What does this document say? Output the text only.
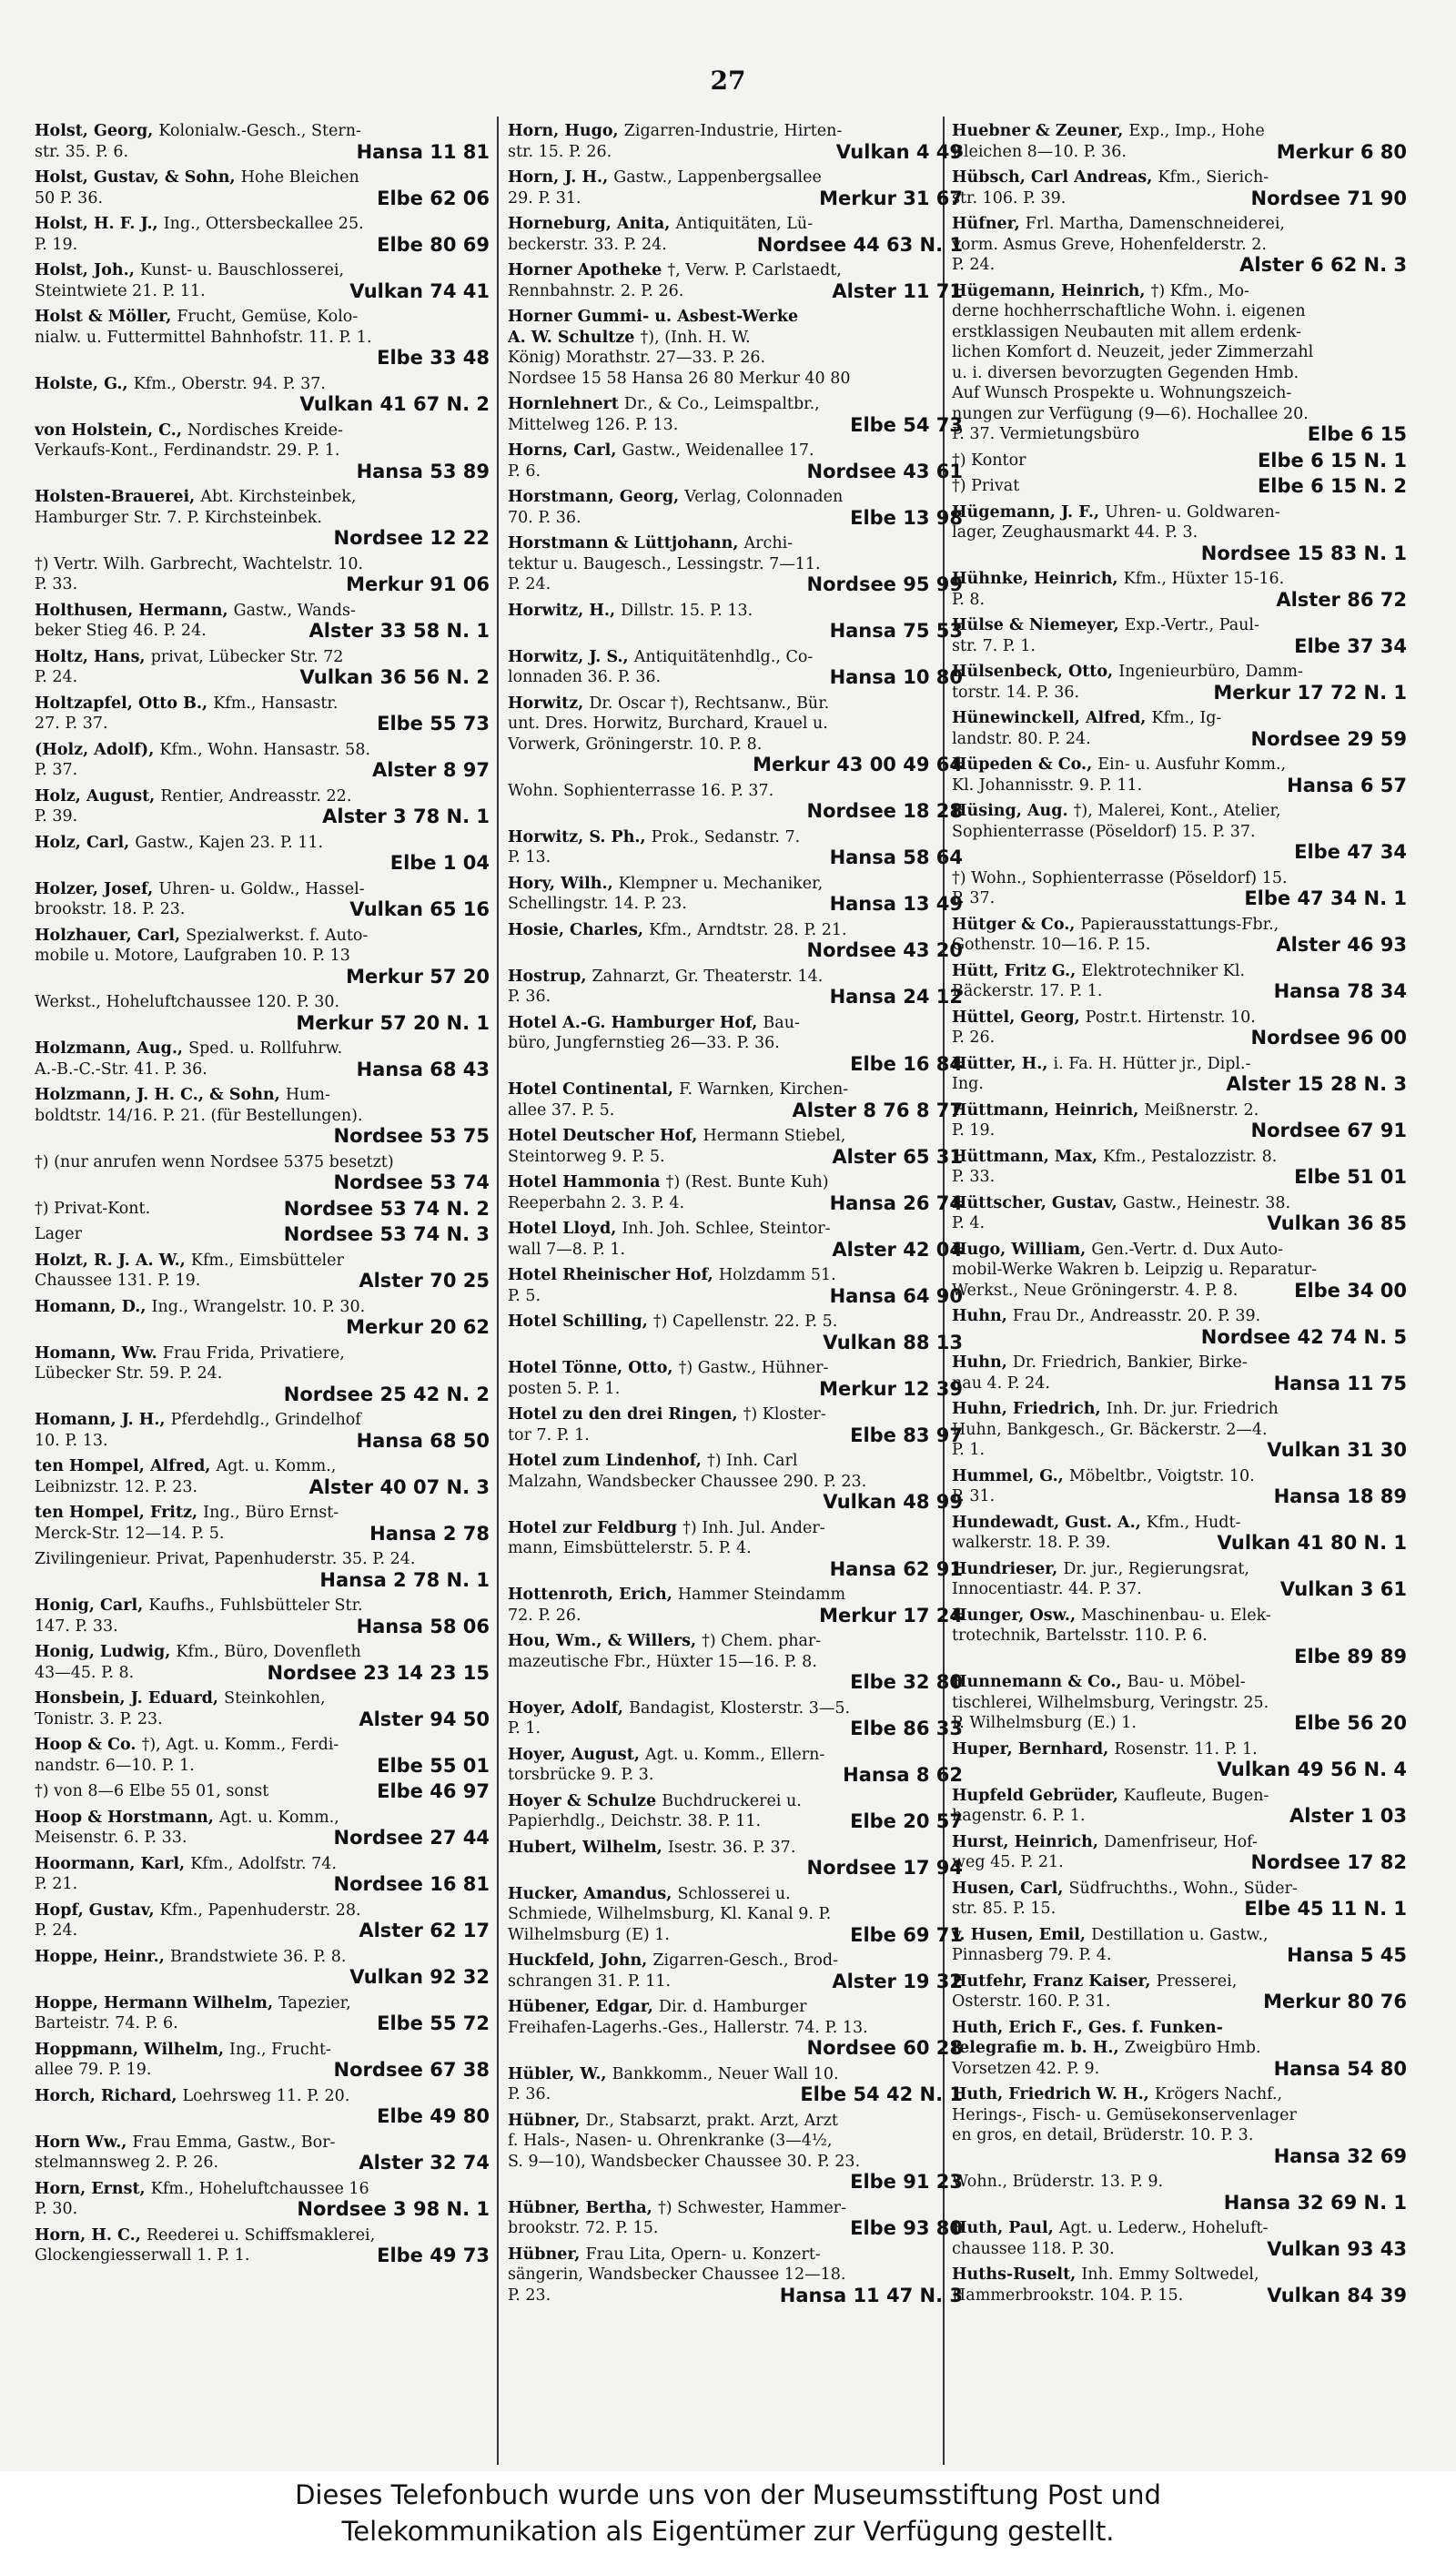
27
Holst, Georg, Kolonialw.-Gesch., Stern-
Hansa 11 81
str. 35. P. 6.
Holst, Gustav, & Sohn, Hohe Bleichen
Elbe 62 06
50 P. 36.
Holst, H. F. J., Ing., Ottersbeckallee 25.
Elbe 80 69
P. 19.
Holst, Joh., Kunst- u. Bauschlosserei,
Vulkan 74 41
Steintwiete 21. P. 11.
Holst & Möller, Frucht, Gemüse, Kolo-
nialw. u. Futtermittel Bahnhofstr. 11. P. 1.
Elbe 33 48
Holste, G., Kfm., Oberstr. 94. P. 37.
Vulkan 41 67 N. 2
von Holstein, C., Nordisches Kreide-
Verkaufs-Kont., Ferdinandstr. 29. P. 1.
Hansa 53 89
Holsten-Brauerei, Abt. Kirchsteinbek,
Hamburger Str. 7. P. Kirchsteinbek.
Nordsee 12 22
†) Vertr. Wilh. Garbrecht, Wachtelstr. 10.
Merkur 91 06
P. 33.
Holthusen, Hermann, Gastw., Wands-
Alster 33 58 N. 1
beker Stieg 46. P. 24.
Holtz, Hans, privat, Lübecker Str. 72
Vulkan 36 56 N. 2
P. 24.
Holtzapfel, Otto B., Kfm., Hansastr.
Elbe 55 73
27. P. 37.
(Holz, Adolf), Kfm., Wohn. Hansastr. 58.
Alster 8 97
P. 37.
Holz, August, Rentier, Andreasstr. 22.
Alster 3 78 N. 1
P. 39.
Holz, Carl, Gastw., Kajen 23. P. 11.
Elbe 1 04
Holzer, Josef, Uhren- u. Goldw., Hassel-
Vulkan 65 16
brookstr. 18. P. 23.
Holzhauer, Carl, Spezialwerkst. f. Auto-
mobile u. Motore, Laufgraben 10. P. 13
Merkur 57 20
Werkst., Hoheluftchaussee 120. P. 30.
Merkur 57 20 N. 1
Holzmann, Aug., Sped. u. Rollfuhrw.
Hansa 68 43
A.-B.-C.-Str. 41. P. 36.
Holzmann, J. H. C., & Sohn, Hum-
boldtstr. 14/16. P. 21. (für Bestellungen).
Nordsee 53 75
†) (nur anrufen wenn Nordsee 5375 besetzt)
Nordsee 53 74
Nordsee 53 74 N. 2
†) Privat-Kont.
Nordsee 53 74 N. 3
Lager
Holzt, R. J. A. W., Kfm., Eimsbütteler
Alster 70 25
Chaussee 131. P. 19.
Homann, D., Ing., Wrangelstr. 10. P. 30.
Merkur 20 62
Homann, Ww. Frau Frida, Privatiere,
Lübecker Str. 59. P. 24.
Nordsee 25 42 N. 2
Homann, J. H., Pferdehdlg., Grindelhof
Hansa 68 50
10. P. 13.
ten Hompel, Alfred, Agt. u. Komm.,
Alster 40 07 N. 3
Leibnizstr. 12. P. 23.
ten Hompel, Fritz, Ing., Büro Ernst-
Hansa 2 78
Merck-Str. 12—14. P. 5.
Zivilingenieur. Privat, Papenhuderstr. 35. P. 24.
Hansa 2 78 N. 1
Honig, Carl, Kaufhs., Fuhlsbütteler Str.
Hansa 58 06
147. P. 33.
Honig, Ludwig, Kfm., Büro, Dovenfleth
Nordsee 23 14 23 15
43—45. P. 8.
Honsbein, J. Eduard, Steinkohlen,
Alster 94 50
Tonistr. 3. P. 23.
Hoop & Co. †), Agt. u. Komm., Ferdi-
Elbe 55 01
nandstr. 6—10. P. 1.
Elbe 46 97
†) von 8—6 Elbe 55 01, sonst
Hoop & Horstmann, Agt. u. Komm.,
Nordsee 27 44
Meisenstr. 6. P. 33.
Hoormann, Karl, Kfm., Adolfstr. 74.
Nordsee 16 81
P. 21.
Hopf, Gustav, Kfm., Papenhuderstr. 28.
Alster 62 17
P. 24.
Hoppe, Heinr., Brandstwiete 36. P. 8.
Vulkan 92 32
Hoppe, Hermann Wilhelm, Tapezier,
Elbe 55 72
Barteistr. 74. P. 6.
Hoppmann, Wilhelm, Ing., Frucht-
Nordsee 67 38
allee 79. P. 19.
Horch, Richard, Loehrsweg 11. P. 20.
Elbe 49 80
Horn Ww., Frau Emma, Gastw., Bor-
Alster 32 74
stelmannsweg 2. P. 26.
Horn, Ernst, Kfm., Hoheluftchaussee 16
Nordsee 3 98 N. 1
P. 30.
Horn, H. C., Reederei u. Schiffsmaklerei,
Elbe 49 73
Glockengiesserwall 1. P. 1.
Horn, Hugo, Zigarren-Industrie, Hirten-
Vulkan 4 49
str. 15. P. 26.
Horn, J. H., Gastw., Lappenbergsallee
Merkur 31 67
29. P. 31.
Horneburg, Anita, Antiquitäten, Lü-
Nordsee 44 63 N. 1
beckerstr. 33. P. 24.
Horner Apotheke †, Verw. P. Carlstaedt,
Alster 11 71
Rennbahnstr. 2. P. 26.
Horner Gummi- u. Asbest-Werke
A. W. Schultze †), (Inh. H. W.
König) Morathstr. 27—33. P. 26.
Nordsee 15 58 Hansa 26 80 Merkur 40 80
Hornlehnert Dr., & Co., Leimspaltbr.,
Elbe 54 73
Mittelweg 126. P. 13.
Horns, Carl, Gastw., Weidenallee 17.
Nordsee 43 61
P. 6.
Horstmann, Georg, Verlag, Colonnaden
Elbe 13 98
70. P. 36.
Horstmann & Lüttjohann, Archi-
tektur u. Baugesch., Lessingstr. 7—11.
Nordsee 95 99
P. 24.
Horwitz, H., Dillstr. 15. P. 13.
Hansa 75 53
Horwitz, J. S., Antiquitätenhdlg., Co-
Hansa 10 80
lonnaden 36. P. 36.
Horwitz, Dr. Oscar †), Rechtsanw., Bür.
unt. Dres. Horwitz, Burchard, Krauel u.
Vorwerk, Gröningerstr. 10. P. 8.
Merkur 43 00 49 64
Wohn. Sophienterrasse 16. P. 37.
Nordsee 18 28
Horwitz, S. Ph., Prok., Sedanstr. 7.
Hansa 58 64
P. 13.
Hory, Wilh., Klempner u. Mechaniker,
Hansa 13 49
Schellingstr. 14. P. 23.
Hosie, Charles, Kfm., Arndtstr. 28. P. 21.
Nordsee 43 20
Hostrup, Zahnarzt, Gr. Theaterstr. 14.
Hansa 24 12
P. 36.
Hotel A.-G. Hamburger Hof, Bau-
büro, Jungfernstieg 26—33. P. 36.
Elbe 16 84
Hotel Continental, F. Warnken, Kirchen-
Alster 8 76 8 77
allee 37. P. 5.
Hotel Deutscher Hof, Hermann Stiebel,
Alster 65 31
Steintorweg 9. P. 5.
Hotel Hammonia †) (Rest. Bunte Kuh)
Hansa 26 74
Reeperbahn 2. 3. P. 4.
Hotel Lloyd, Inh. Joh. Schlee, Steintor-
Alster 42 04
wall 7—8. P. 1.
Hotel Rheinischer Hof, Holzdamm 51.
Hansa 64 90
P. 5.
Hotel Schilling, †) Capellenstr. 22. P. 5.
Vulkan 88 13
Hotel Tönne, Otto, †) Gastw., Hühner-
Merkur 12 39
posten 5. P. 1.
Hotel zu den drei Ringen, †) Kloster-
Elbe 83 97
tor 7. P. 1.
Hotel zum Lindenhof, †) Inh. Carl
Malzahn, Wandsbecker Chaussee 290. P. 23.
Vulkan 48 99
Hotel zur Feldburg †) Inh. Jul. Ander-
mann, Eimsbüttelerstr. 5. P. 4.
Hansa 62 91
Hottenroth, Erich, Hammer Steindamm
Merkur 17 24
72. P. 26.
Hou, Wm., & Willers, †) Chem. phar-
mazeutische Fbr., Hüxter 15—16. P. 8.
Elbe 32 80
Hoyer, Adolf, Bandagist, Klosterstr. 3—5.
Elbe 86 33
P. 1.
Hoyer, August, Agt. u. Komm., Ellern-
Hansa 8 62
torsbrücke 9. P. 3.
Hoyer & Schulze Buchdruckerei u.
Elbe 20 57
Papierhdlg., Deichstr. 38. P. 11.
Hubert, Wilhelm, Isestr. 36. P. 37.
Nordsee 17 94
Hucker, Amandus, Schlosserei u.
Schmiede, Wilhelmsburg, Kl. Kanal 9. P.
Elbe 69 71
Wilhelmsburg (E) 1.
Huckfeld, John, Zigarren-Gesch., Brod-
Alster 19 32
schrangen 31. P. 11.
Hübener, Edgar, Dir. d. Hamburger
Freihafen-Lagerhs.-Ges., Hallerstr. 74. P. 13.
Nordsee 60 28
Hübler, W., Bankkomm., Neuer Wall 10.
Elbe 54 42 N. 1
P. 36.
Hübner, Dr., Stabsarzt, prakt. Arzt, Arzt
f. Hals-, Nasen- u. Ohrenkranke (3—4½,
S. 9—10), Wandsbecker Chaussee 30. P. 23.
Elbe 91 23
Hübner, Bertha, †) Schwester, Hammer-
Elbe 93 80
brookstr. 72. P. 15.
Hübner, Frau Lita, Opern- u. Konzert-
sängerin, Wandsbecker Chaussee 12—18.
Hansa 11 47 N. 3
P. 23.
Huebner & Zeuner, Exp., Imp., Hohe
Merkur 6 80
Bleichen 8—10. P. 36.
Hübsch, Carl Andreas, Kfm., Sierich-
Nordsee 71 90
str. 106. P. 39.
Hüfner, Frl. Martha, Damenschneiderei,
vorm. Asmus Greve, Hohenfelderstr. 2.
Alster 6 62 N. 3
P. 24.
Hügemann, Heinrich, †) Kfm., Mo-
derne hochherrschaftliche Wohn. i. eigenen
erstklassigen Neubauten mit allem erdenk-
lichen Komfort d. Neuzeit, jeder Zimmerzahl
u. i. diversen bevorzugten Gegenden Hmb.
Auf Wunsch Prospekte u. Wohnungszeich-
nungen zur Verfügung (9—6). Hochallee 20.
Elbe 6 15
P. 37. Vermietungsbüro
Elbe 6 15 N. 1
†) Kontor
Elbe 6 15 N. 2
†) Privat
Hügemann, J. F., Uhren- u. Goldwaren-
lager, Zeughausmarkt 44. P. 3.
Nordsee 15 83 N. 1
Hühnke, Heinrich, Kfm., Hüxter 15-16.
Alster 86 72
P. 8.
Hülse & Niemeyer, Exp.-Vertr., Paul-
Elbe 37 34
str. 7. P. 1.
Hülsenbeck, Otto, Ingenieurbüro, Damm-
Merkur 17 72 N. 1
torstr. 14. P. 36.
Hünewinckell, Alfred, Kfm., Ig-
Nordsee 29 59
landstr. 80. P. 24.
Hüpeden & Co., Ein- u. Ausfuhr Komm.,
Hansa 6 57
Kl. Johannisstr. 9. P. 11.
Hüsing, Aug. †), Malerei, Kont., Atelier,
Sophienterrasse (Pöseldorf) 15. P. 37.
Elbe 47 34
†) Wohn., Sophienterrasse (Pöseldorf) 15.
Elbe 47 34 N. 1
P. 37.
Hütger & Co., Papierausstattungs-Fbr.,
Alster 46 93
Gothenstr. 10—16. P. 15.
Hütt, Fritz G., Elektrotechniker Kl.
Hansa 78 34
Bäckerstr. 17. P. 1.
Hüttel, Georg, Postr.t. Hirtenstr. 10.
Nordsee 96 00
P. 26.
Hütter, H., i. Fa. H. Hütter jr., Dipl.-
Alster 15 28 N. 3
Ing.
Hüttmann, Heinrich, Meißnerstr. 2.
Nordsee 67 91
P. 19.
Hüttmann, Max, Kfm., Pestalozzistr. 8.
Elbe 51 01
P. 33.
Hüttscher, Gustav, Gastw., Heinestr. 38.
Vulkan 36 85
P. 4.
Hugo, William, Gen.-Vertr. d. Dux Auto-
mobil-Werke Wakren b. Leipzig u. Reparatur-
Elbe 34 00
Werkst., Neue Gröningerstr. 4. P. 8.
Huhn, Frau Dr., Andreasstr. 20. P. 39.
Nordsee 42 74 N. 5
Huhn, Dr. Friedrich, Bankier, Birke-
Hansa 11 75
nau 4. P. 24.
Huhn, Friedrich, Inh. Dr. jur. Friedrich
Huhn, Bankgesch., Gr. Bäckerstr. 2—4.
Vulkan 31 30
P. 1.
Hummel, G., Möbeltbr., Voigtstr. 10.
Hansa 18 89
P. 31.
Hundewadt, Gust. A., Kfm., Hudt-
Vulkan 41 80 N. 1
walkerstr. 18. P. 39.
Hundrieser, Dr. jur., Regierungsrat,
Vulkan 3 61
Innocentiastr. 44. P. 37.
Hunger, Osw., Maschinenbau- u. Elek-
trotechnik, Bartelsstr. 110. P. 6.
Elbe 89 89
Hunnemann & Co., Bau- u. Möbel-
tischlerei, Wilhelmsburg, Veringstr. 25.
Elbe 56 20
P. Wilhelmsburg (E.) 1.
Huper, Bernhard, Rosenstr. 11. P. 1.
Vulkan 49 56 N. 4
Hupfeld Gebrüder, Kaufleute, Bugen-
Alster 1 03
hagenstr. 6. P. 1.
Hurst, Heinrich, Damenfriseur, Hof-
Nordsee 17 82
weg 45. P. 21.
Husen, Carl, Südfruchths., Wohn., Süder-
Elbe 45 11 N. 1
str. 85. P. 15.
v. Husen, Emil, Destillation u. Gastw.,
Hansa 5 45
Pinnasberg 79. P. 4.
Hutfehr, Franz Kaiser, Presserei,
Merkur 80 76
Osterstr. 160. P. 31.
Huth, Erich F., Ges. f. Funken-
telegrafie m. b. H., Zweigbüro Hmb.
Hansa 54 80
Vorsetzen 42. P. 9.
Huth, Friedrich W. H., Krögers Nachf.,
Herings-, Fisch- u. Gemüsekonservenlager
en gros, en detail, Brüderstr. 10. P. 3.
Hansa 32 69
Wohn., Brüderstr. 13. P. 9.
Hansa 32 69 N. 1
Huth, Paul, Agt. u. Lederw., Hoheluft-
Vulkan 93 43
chaussee 118. P. 30.
Huths-Ruselt, Inh. Emmy Soltwedel,
Vulkan 84 39
Hammerbrookstr. 104. P. 15.
Dieses Telefonbuch wurde uns von der Museumsstiftung Post und
Telekommunikation als Eigentümer zur Verfügung gestellt.
